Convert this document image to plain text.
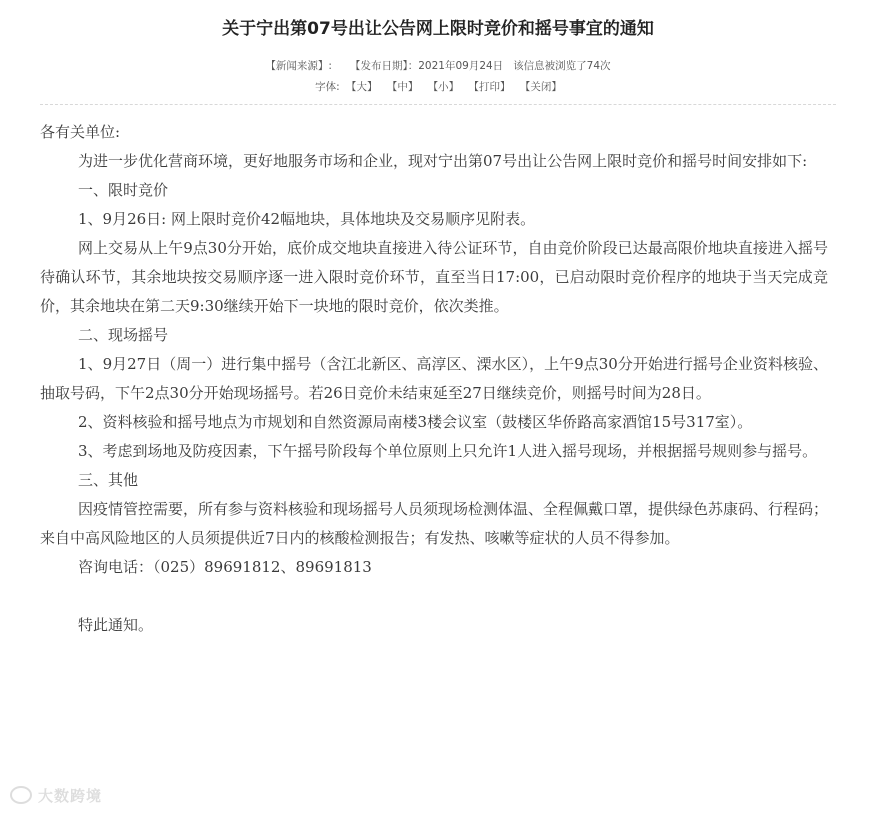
关于宁出第07号出让公告网上限时竞价和摇号事宜的通知
【新闻来源】: 【发布日期】：2021年09月24日 该信息被浏览了74次
字体: 【大】 【中】 【小】 【打印】 【关闭】

各有关单位:

为进一步优化营商环境，更好地服务市场和企业，现对宁出第07号出让公告网上限时竞价和摇号时间安排如下:

一、限时竞价

1、9月26日: 网上限时竞价42幅地块，具体地块及交易顺序见附表。

网上交易从上午9点30分开始，底价成交地块直接进入待公证环节，自由竞价阶段已达最高限价地块直接进入摇号待确认环节，其余地块按交易顺序逐一进入限时竞价环节，直至当日17:00，已启动限时竞价程序的地块于当天完成竞价，其余地块在第二天9:30继续开始下一块地的限时竞价，依次类推。

二、现场摇号

1、9月27日（周一）进行集中摇号（含江北新区、高淳区、溧水区），上午9点30分开始进行摇号企业资料核验、抽取号码，下午2点30分开始现场摇号。若26日竞价未结束延至27日继续竞价，则摇号时间为28日。

2、资料核验和摇号地点为市规划和自然资源局南楼3楼会议室（鼓楼区华侨路高家酒馆15号317室）。

3、考虑到场地及防疫因素，下午摇号阶段每个单位原则上只允许1人进入摇号现场，并根据摇号规则参与摇号。

三、其他

因疫情管控需要，所有参与资料核验和现场摇号人员须现场检测体温、全程佩戴口罩，提供绿色苏康码、行程码；来自中高风险地区的人员须提供近7日内的核酸检测报告；有发热、咳嗽等症状的人员不得参加。

咨询电话：（025）89691812、89691813

特此通知。

大数跨境
